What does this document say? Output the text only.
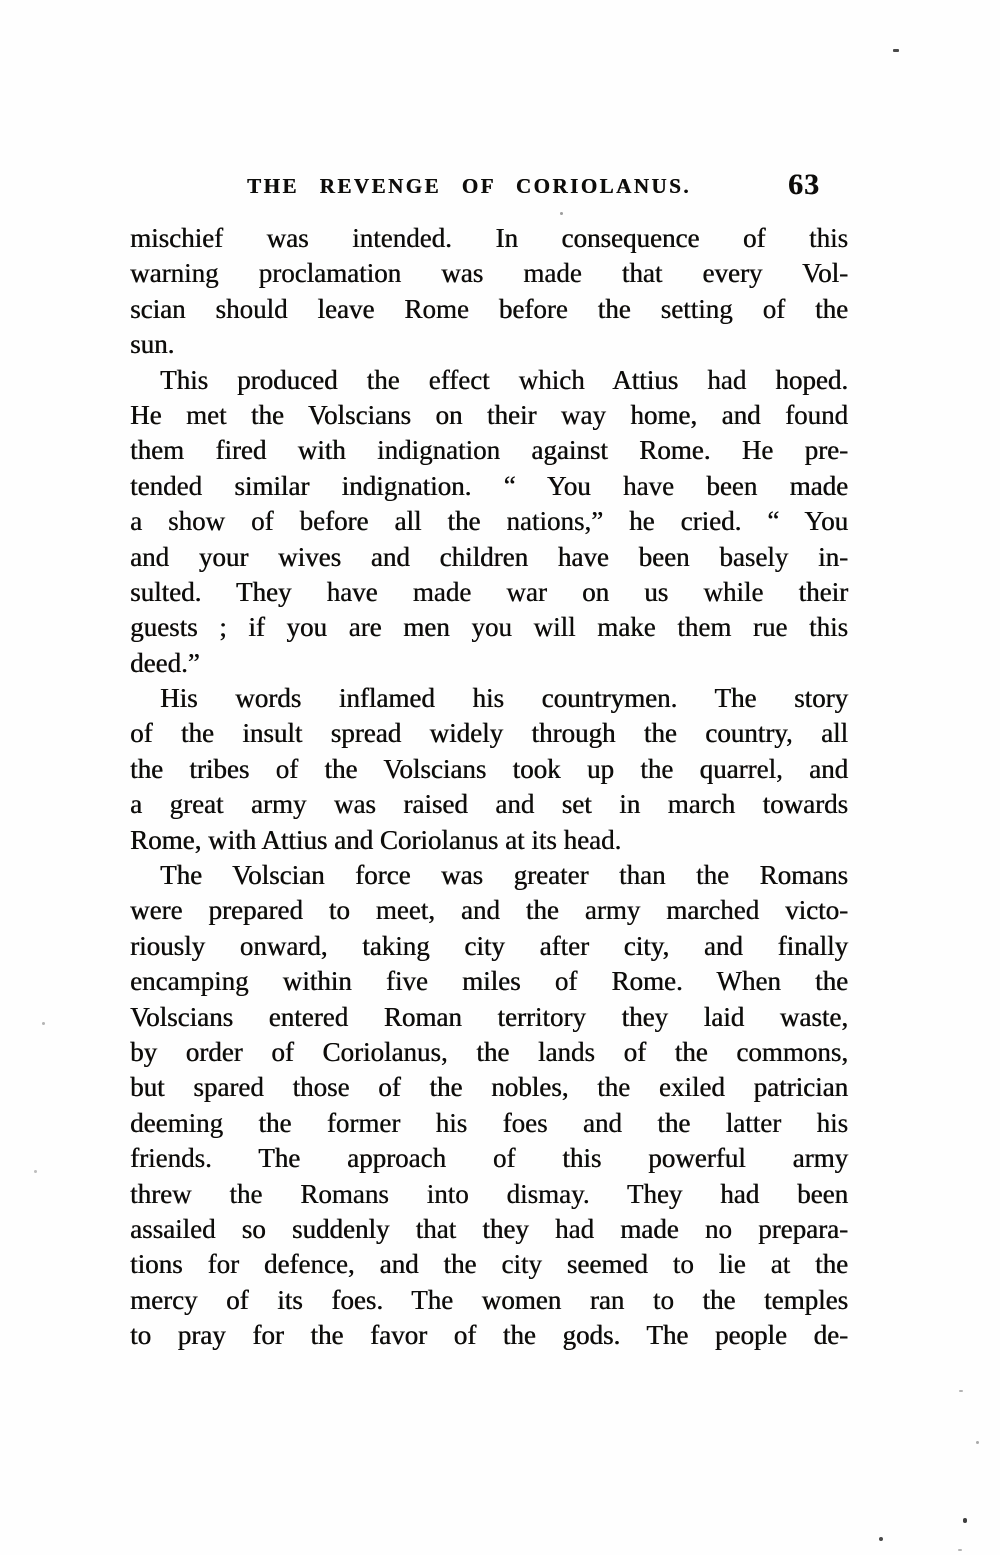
THE REVENGE OF CORIOLANUS.	63
mischief was intended. In consequence of this
warning proclamation was made that every Vol-
scian should leave Rome before the setting of the
sun.
This produced the effect which Attius had hoped.
He met the Volscians on their way home, and found
them fired with indignation against Rome. He pre-
tended similar indignation. “ You have been made
a show of before all the nations,” he cried. “ You
and your wives and children have been basely in-
sulted. They have made war on us while their
guests ; if you are men you will make them rue this
deed.”
His words inflamed his countrymen. The story
of the insult spread widely through the country, all
the tribes of the Volscians took up the quarrel, and
a great army was raised and set in march towards
Rome, with Attius and Coriolanus at its head.
The Volscian force was greater than the Romans
were prepared to meet, and the army marched victo-
riously onward, taking city after city, and finally
encamping within five miles of Rome. When the
Volscians entered Roman territory they laid waste,
by order of Coriolanus, the lands of the commons,
but spared those of the nobles, the exiled patrician
deeming the former his foes and the latter his
friends. The approach of this powerful army
threw the Romans into dismay. They had been
assailed so suddenly that they had made no prepara-
tions for defence, and the city seemed to lie at the
mercy of its foes. The women ran to the temples
to pray for the favor of the gods. The people de-
